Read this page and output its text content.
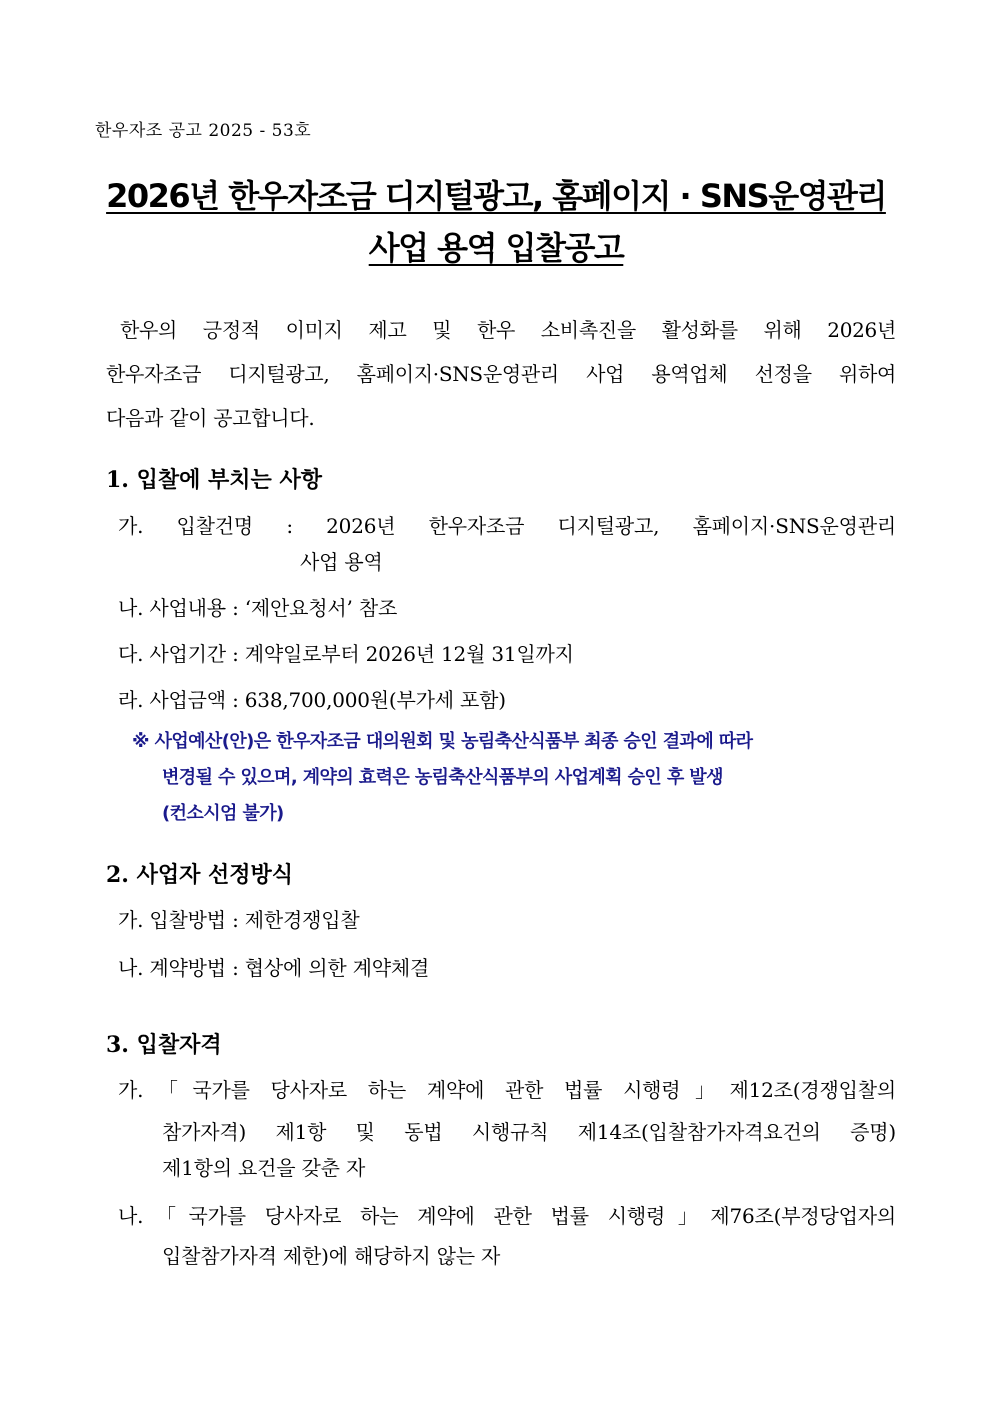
한우자조 공고 2025 - 53호
2026년 한우자조금 디지털광고, 홈페이지 · SNS운영관리
사업 용역 입찰공고

한우의 긍정적 이미지 제고 및 한우 소비촉진을 활성화를 위해 2026년

한우자조금 디지털광고, 홈페이지·SNS운영관리 사업 용역업체 선정을 위하여

다음과 같이 공고합니다.

1. 입찰에 부치는 사항
가. 입찰건명 : 2026년 한우자조금 디지털광고, 홈페이지·SNS운영관리
사업 용역
나. 사업내용 : ‘제안요청서’ 참조
다. 사업기간 : 계약일로부터 2026년 12월 31일까지
라. 사업금액 : 638,700,000원(부가세 포함)
※ 사업예산(안)은 한우자조금 대의원회 및 농림축산식품부 최종 승인 결과에 따라
변경될 수 있으며, 계약의 효력은 농림축산식품부의 사업계획 승인 후 발생
(컨소시엄 불가)
2. 사업자 선정방식
가. 입찰방법 : 제한경쟁입찰
나. 계약방법 : 협상에 의한 계약체결
3. 입찰자격
가.「국가를 당사자로 하는 계약에 관한 법률 시행령」제12조(경쟁입찰의
참가자격) 제1항 및 동법 시행규칙 제14조(입찰참가자격요건의 증명)
제1항의 요건을 갖춘 자
나.「국가를 당사자로 하는 계약에 관한 법률 시행령」제76조(부정당업자의
입찰참가자격 제한)에 해당하지 않는 자
